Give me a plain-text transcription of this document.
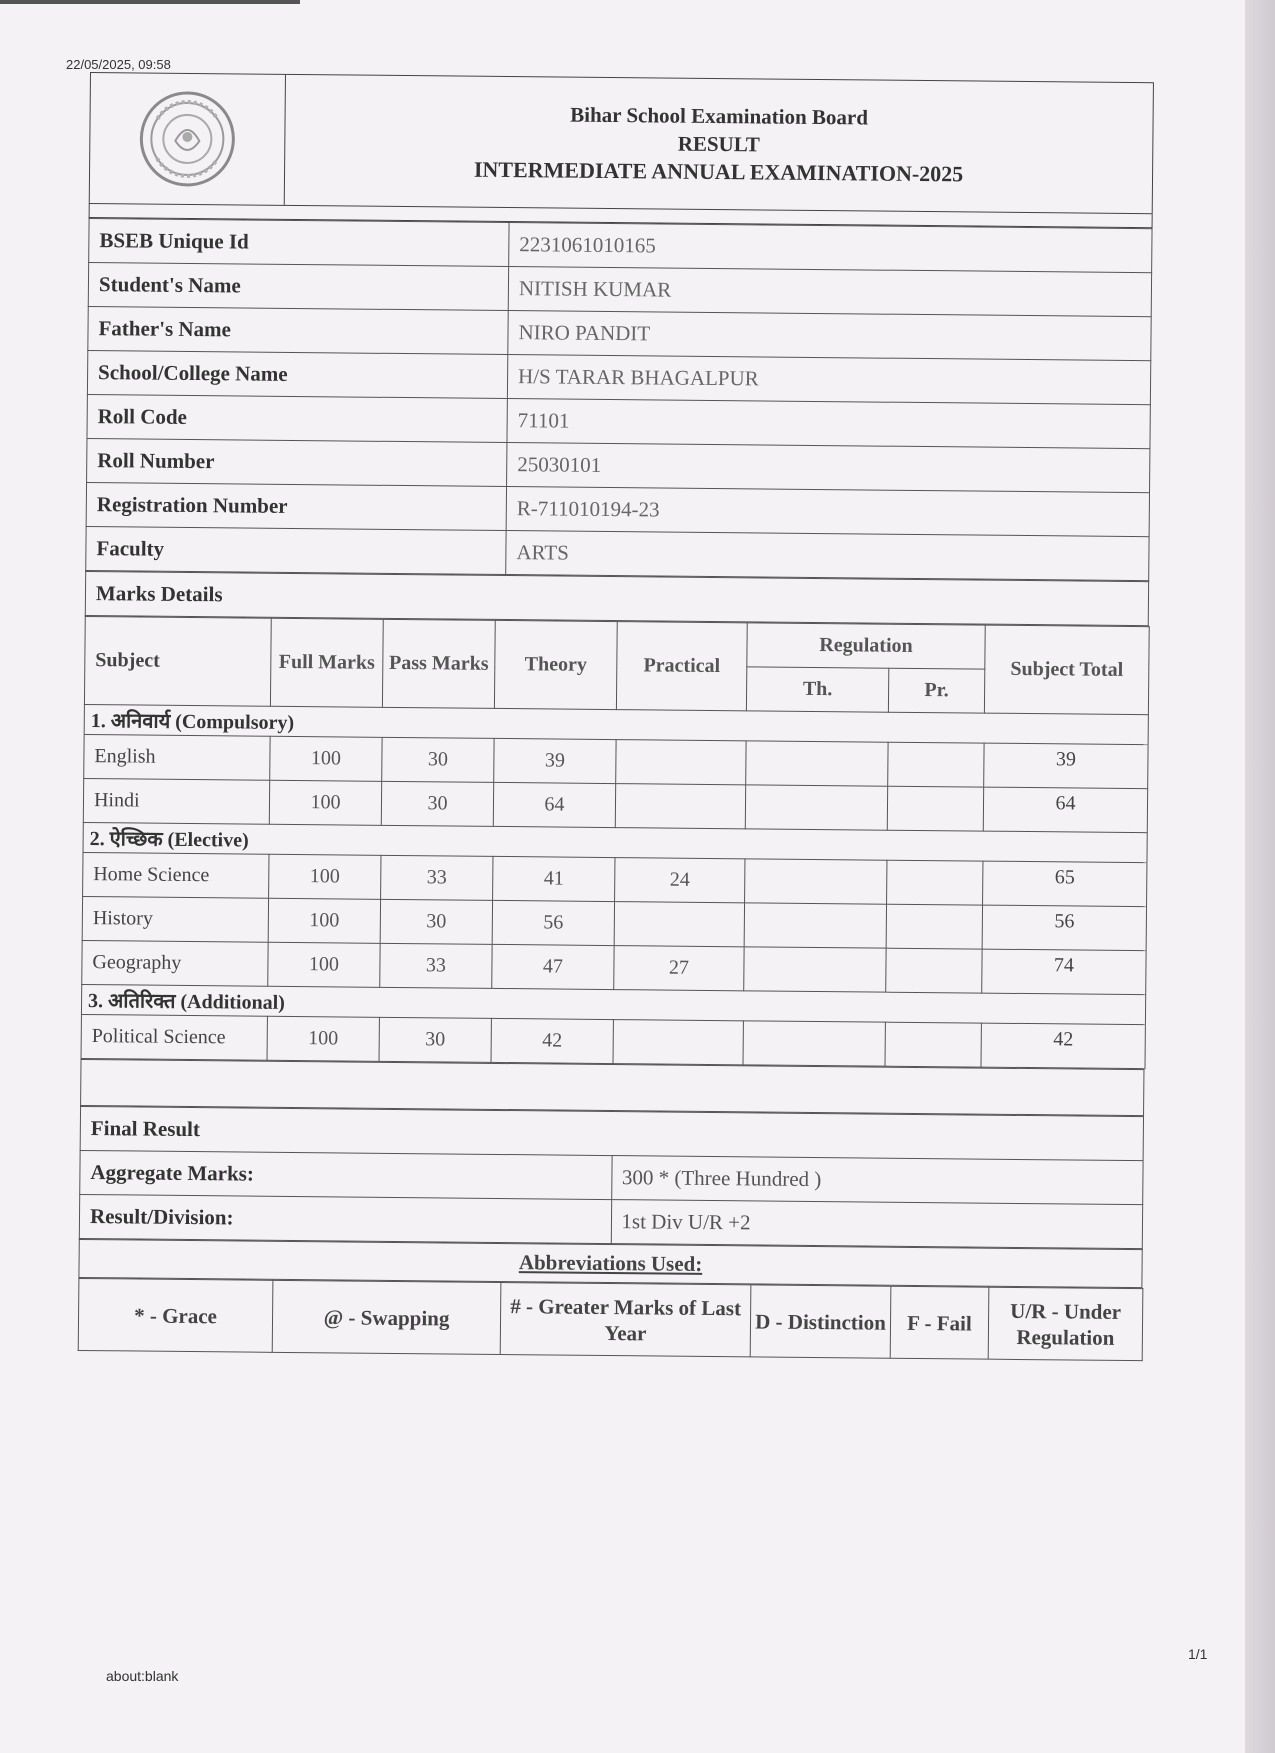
22/05/2025, 09:58
Bihar School Examination Board
RESULT
INTERMEDIATE ANNUAL EXAMINATION-2025
BSEB Unique Id	2231061010165
Student's Name	NITISH KUMAR
Father's Name	NIRO PANDIT
School/College Name	H/S TARAR BHAGALPUR
Roll Code	71101
Roll Number	25030101
Registration Number	R-711010194-23
Faculty	ARTS
Marks Details
Subject	Full Marks	Pass Marks	Theory	Practical	Regulation		Subject Total
					Th.	Pr.	
1. अनिवार्य (Compulsory)							
English	100	30	39				39
Hindi	100	30	64				64
2. ऐच्छिक (Elective)							
Home Science	100	33	41	24			65
History	100	30	56				56
Geography	100	33	47	27			74
3. अतिरिक्त (Additional)							
Political Science	100	30	42				42
Final Result	
Aggregate Marks:	300 * (Three Hundred )
Result/Division:	1st Div U/R +2
Abbreviations Used:
* - Grace	@ - Swapping	# - Greater Marks of Last Year	D - Distinction	F - Fail	U/R - Under Regulation
about:blank
1/1
